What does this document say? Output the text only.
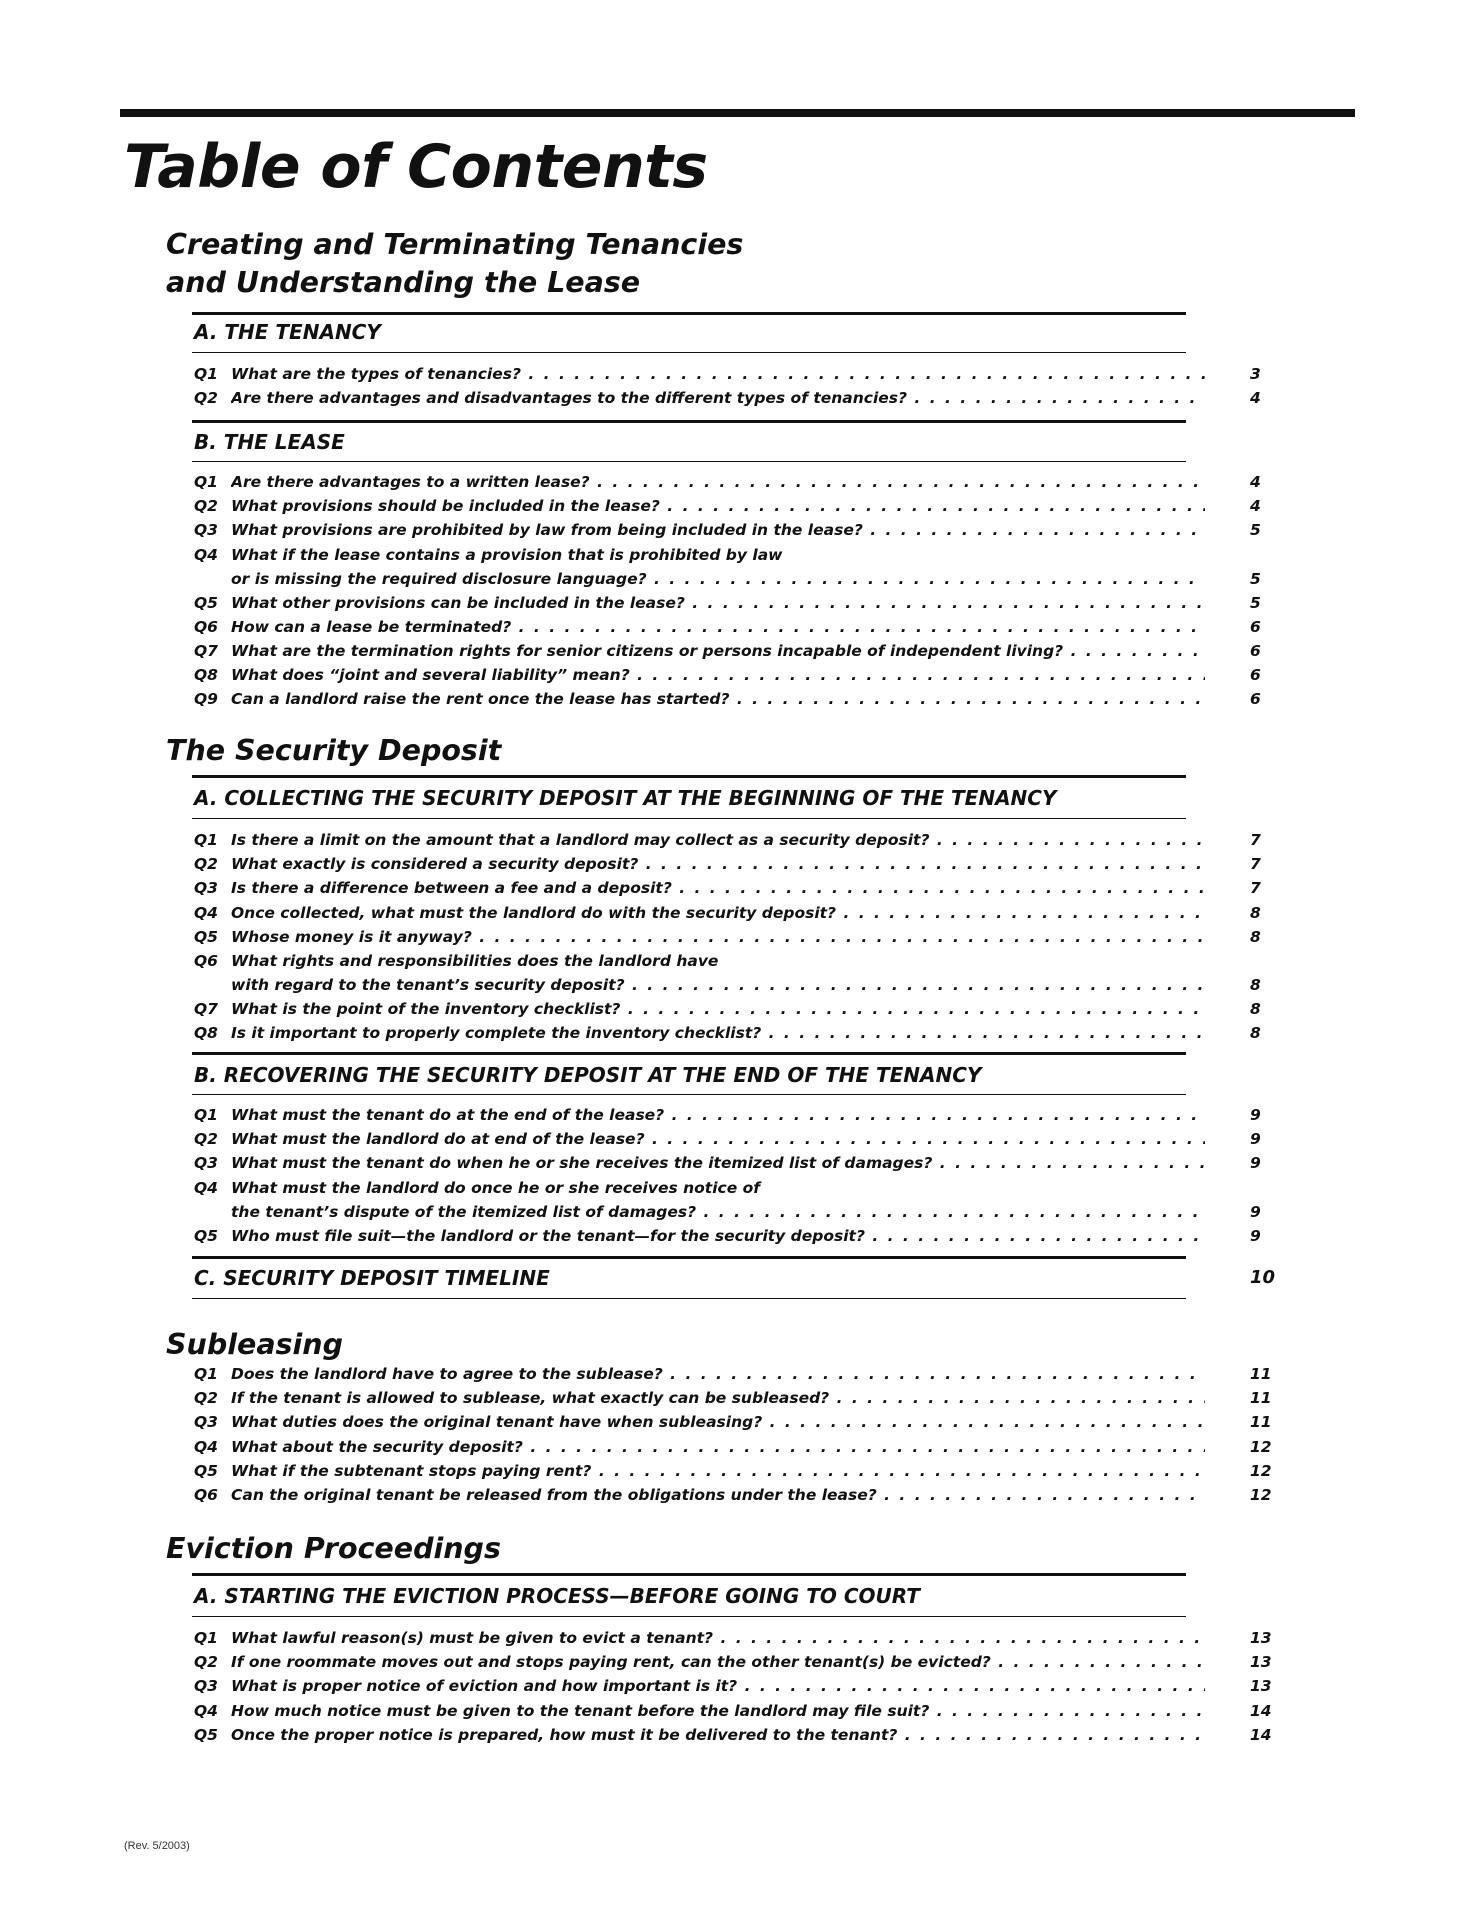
Table of Contents
Creating and Terminating Tenancies
and Understanding the Lease
A. THE TENANCY
Q1 What are the types of tenancies? . . .	3
Q2 Are there advantages and disadvantages to the different types of tenancies? . . .	4
B. THE LEASE
Q1 Are there advantages to a written lease? . . .	4
Q2 What provisions should be included in the lease? . . .	4
Q3 What provisions are prohibited by law from being included in the lease? . . .	5
Q4 What if the lease contains a provision that is prohibited by law
or is missing the required disclosure language? . . .	5
Q5 What other provisions can be included in the lease? . . .	5
Q6 How can a lease be terminated? . . .	6
Q7 What are the termination rights for senior citizens or persons incapable of independent living? . . .	6
Q8 What does “joint and several liability” mean? . . .	6
Q9 Can a landlord raise the rent once the lease has started? . . .	6
The Security Deposit
A. COLLECTING THE SECURITY DEPOSIT AT THE BEGINNING OF THE TENANCY
Q1 Is there a limit on the amount that a landlord may collect as a security deposit? . . .	7
Q2 What exactly is considered a security deposit? . . .	7
Q3 Is there a difference between a fee and a deposit? . . .	7
Q4 Once collected, what must the landlord do with the security deposit? . . .	8
Q5 Whose money is it anyway? . . .	8
Q6 What rights and responsibilities does the landlord have
with regard to the tenant’s security deposit? . . .	8
Q7 What is the point of the inventory checklist? . . .	8
Q8 Is it important to properly complete the inventory checklist? . . .	8
B. RECOVERING THE SECURITY DEPOSIT AT THE END OF THE TENANCY
Q1 What must the tenant do at the end of the lease? . . .	9
Q2 What must the landlord do at end of the lease? . . .	9
Q3 What must the tenant do when he or she receives the itemized list of damages? . . .	9
Q4 What must the landlord do once he or she receives notice of
the tenant’s dispute of the itemized list of damages? . . .	9
Q5 Who must file suit—the landlord or the tenant—for the security deposit? . . .	9
C. SECURITY DEPOSIT TIMELINE	10
Subleasing
Q1 Does the landlord have to agree to the sublease? . . .	11
Q2 If the tenant is allowed to sublease, what exactly can be subleased? . . .	11
Q3 What duties does the original tenant have when subleasing? . . .	11
Q4 What about the security deposit? . . .	12
Q5 What if the subtenant stops paying rent? . . .	12
Q6 Can the original tenant be released from the obligations under the lease? . . .	12
Eviction Proceedings
A. STARTING THE EVICTION PROCESS—BEFORE GOING TO COURT
Q1 What lawful reason(s) must be given to evict a tenant? . . .	13
Q2 If one roommate moves out and stops paying rent, can the other tenant(s) be evicted? . . .	13
Q3 What is proper notice of eviction and how important is it? . . .	13
Q4 How much notice must be given to the tenant before the landlord may file suit? . . .	14
Q5 Once the proper notice is prepared, how must it be delivered to the tenant? . . .	14
(Rev. 5/2003)
